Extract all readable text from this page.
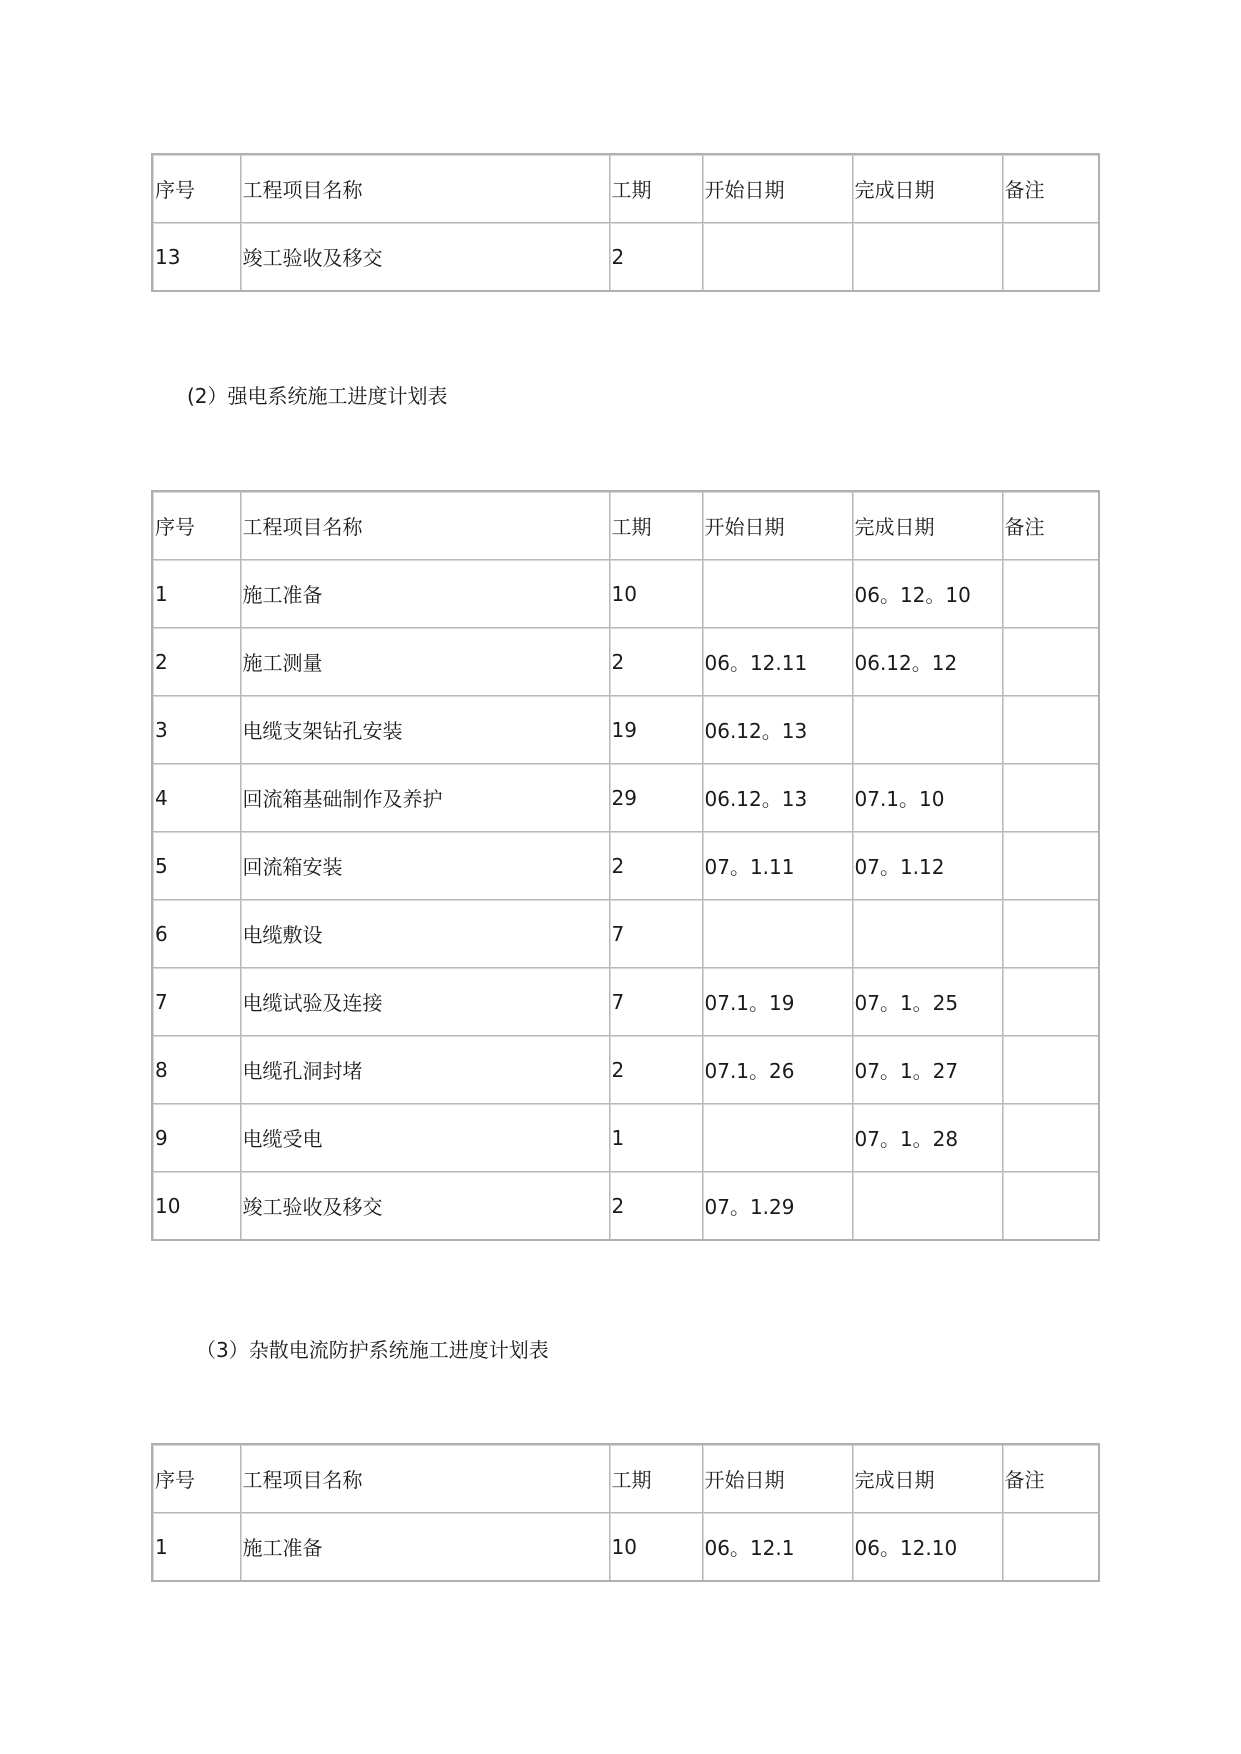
序号	工程项目名称	工期	开始日期	完成日期	备注
13	竣工验收及移交	2			
(2）强电系统施工进度计划表
序号	工程项目名称	工期	开始日期	完成日期	备注
1	施工准备	10		06。12。10	
2	施工测量	2	06。12.11	06.12。12	
3	电缆支架钻孔安装	19	06.12。13		
4	回流箱基础制作及养护	29	06.12。13	07.1。10	
5	回流箱安装	2	07。1.11	07。1.12	
6	电缆敷设	7			
7	电缆试验及连接	7	07.1。19	07。1。25	
8	电缆孔洞封堵	2	07.1。26	07。1。27	
9	电缆受电	1		07。1。28	
10	竣工验收及移交	2	07。1.29		
（3）杂散电流防护系统施工进度计划表
序号	工程项目名称	工期	开始日期	完成日期	备注
1	施工准备	10	06。12.1	06。12.10	
